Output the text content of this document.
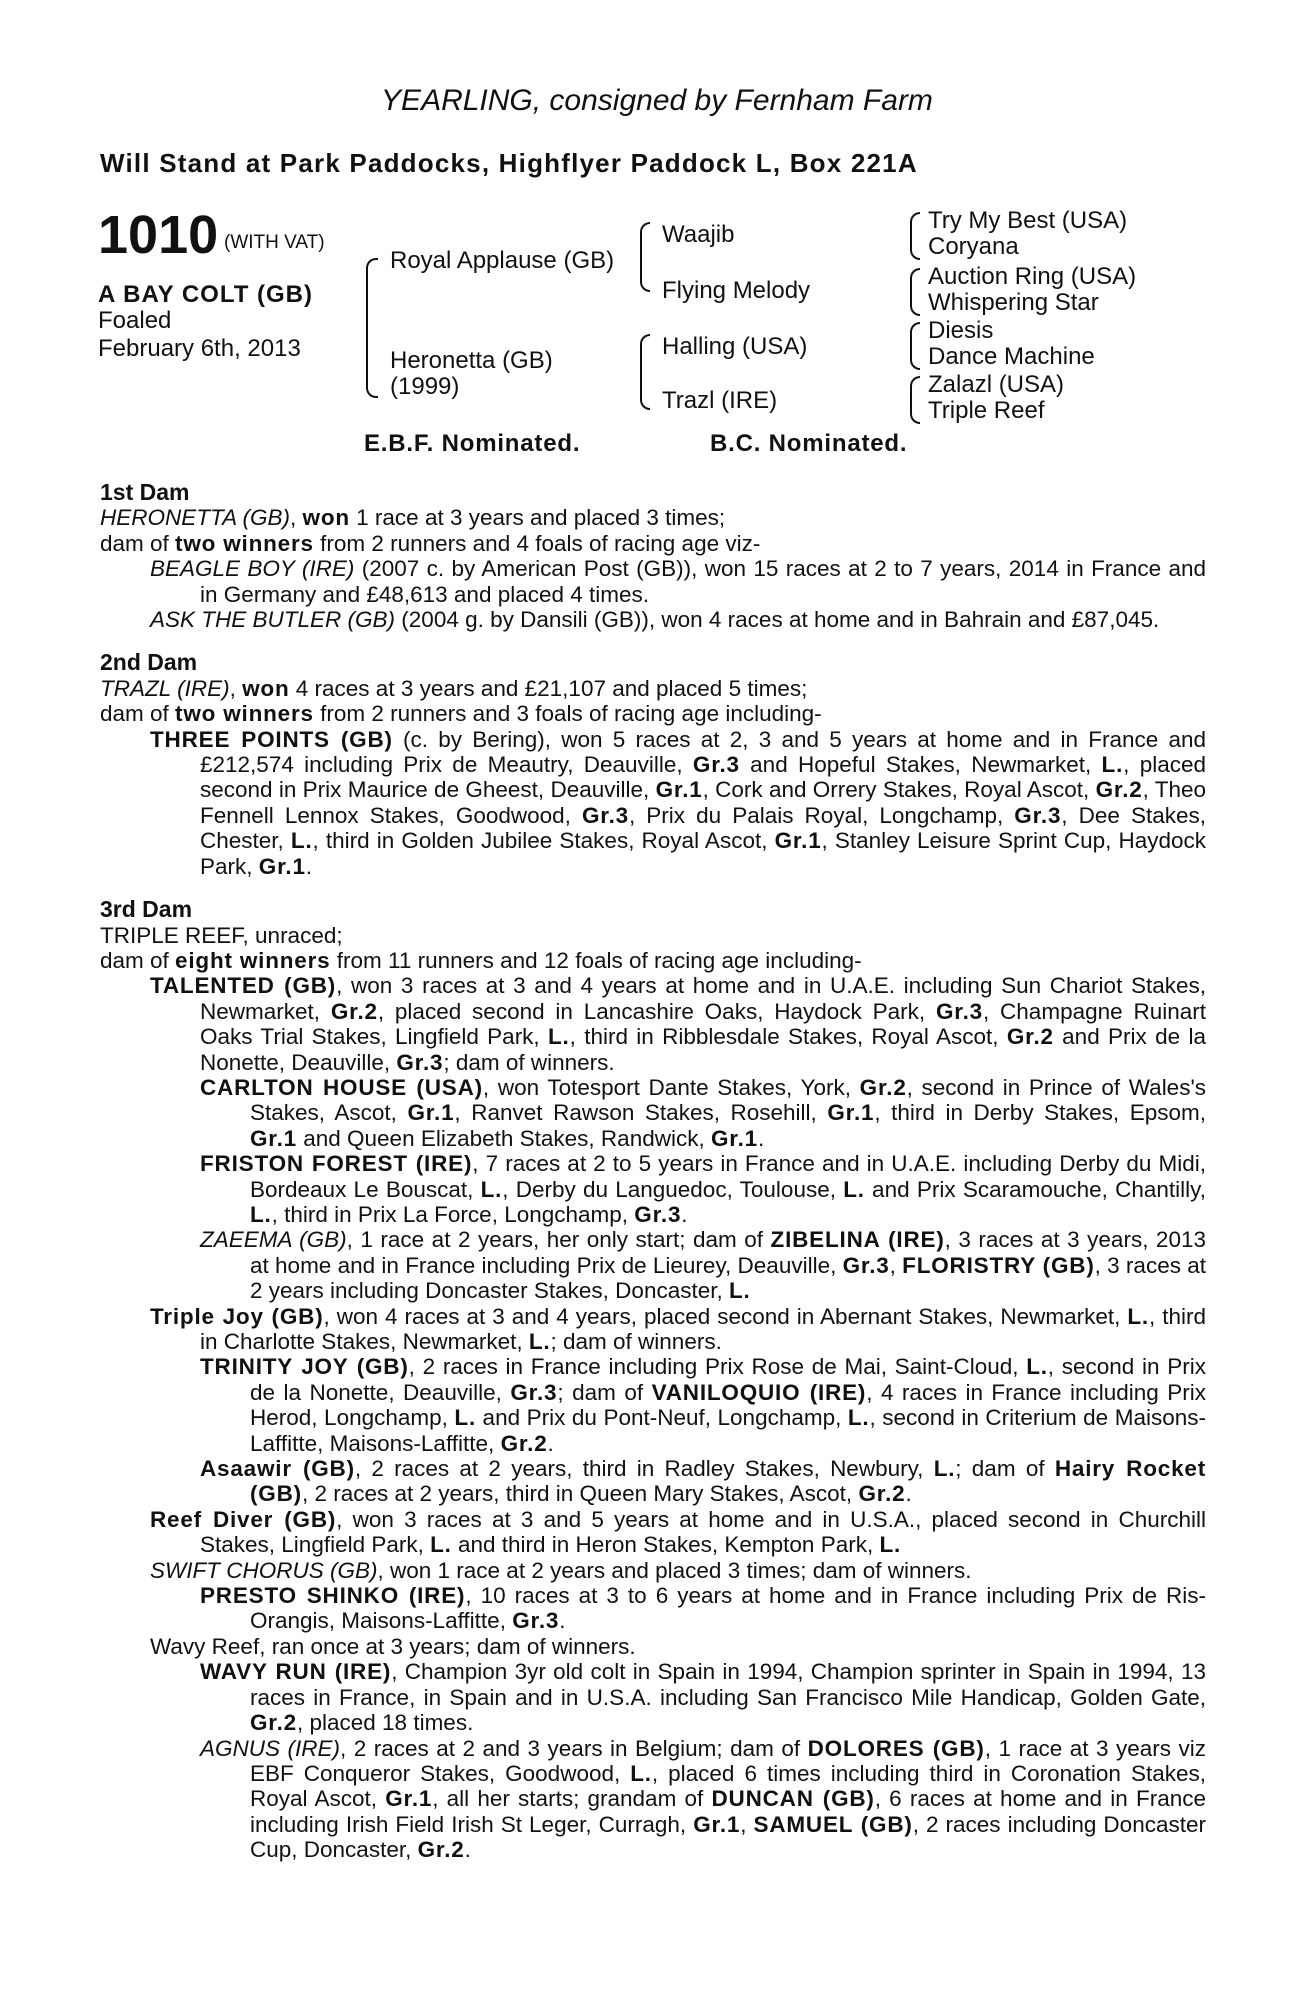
YEARLING, consigned by Fernham Farm
Will Stand at Park Paddocks, Highflyer Paddock L, Box 221A
1010 (WITH VAT)
A BAY COLT (GB)
Foaled
February 6th, 2013
Royal Applause (GB)
Heronetta (GB)
(1999)
Waajib
Flying Melody
Halling (USA)
Trazl (IRE)
Try My Best (USA)
Coryana
Auction Ring (USA)
Whispering Star
Diesis
Dance Machine
Zalazl (USA)
Triple Reef
E.B.F. Nominated.	B.C. Nominated.

1st Dam

HERONETTA (GB), won 1 race at 3 years and placed 3 times;

dam of two winners from 2 runners and 4 foals of racing age viz-

BEAGLE BOY (IRE) (2007 c. by American Post (GB)), won 15 races at 2 to 7 years, 2014 in France and in Germany and £48,613 and placed 4 times.

ASK THE BUTLER (GB) (2004 g. by Dansili (GB)), won 4 races at home and in Bahrain and £87,045.

2nd Dam

TRAZL (IRE), won 4 races at 3 years and £21,107 and placed 5 times;

dam of two winners from 2 runners and 3 foals of racing age including-

THREE POINTS (GB) (c. by Bering), won 5 races at 2, 3 and 5 years at home and in France and £212,574 including Prix de Meautry, Deauville, Gr.3 and Hopeful Stakes, Newmarket, L., placed second in Prix Maurice de Gheest, Deauville, Gr.1, Cork and Orrery Stakes, Royal Ascot, Gr.2, Theo Fennell Lennox Stakes, Goodwood, Gr.3, Prix du Palais Royal, Longchamp, Gr.3, Dee Stakes, Chester, L., third in Golden Jubilee Stakes, Royal Ascot, Gr.1, Stanley Leisure Sprint Cup, Haydock Park, Gr.1.

3rd Dam

TRIPLE REEF, unraced;

dam of eight winners from 11 runners and 12 foals of racing age including-

TALENTED (GB), won 3 races at 3 and 4 years at home and in U.A.E. including Sun Chariot Stakes, Newmarket, Gr.2, placed second in Lancashire Oaks, Haydock Park, Gr.3, Champagne Ruinart Oaks Trial Stakes, Lingfield Park, L., third in Ribblesdale Stakes, Royal Ascot, Gr.2 and Prix de la Nonette, Deauville, Gr.3; dam of winners.

CARLTON HOUSE (USA), won Totesport Dante Stakes, York, Gr.2, second in Prince of Wales's Stakes, Ascot, Gr.1, Ranvet Rawson Stakes, Rosehill, Gr.1, third in Derby Stakes, Epsom, Gr.1 and Queen Elizabeth Stakes, Randwick, Gr.1.

FRISTON FOREST (IRE), 7 races at 2 to 5 years in France and in U.A.E. including Derby du Midi, Bordeaux Le Bouscat, L., Derby du Languedoc, Toulouse, L. and Prix Scaramouche, Chantilly, L., third in Prix La Force, Longchamp, Gr.3.

ZAEEMA (GB), 1 race at 2 years, her only start; dam of ZIBELINA (IRE), 3 races at 3 years, 2013 at home and in France including Prix de Lieurey, Deauville, Gr.3, FLORISTRY (GB), 3 races at 2 years including Doncaster Stakes, Doncaster, L.

Triple Joy (GB), won 4 races at 3 and 4 years, placed second in Abernant Stakes, Newmarket, L., third in Charlotte Stakes, Newmarket, L.; dam of winners.

TRINITY JOY (GB), 2 races in France including Prix Rose de Mai, Saint-Cloud, L., second in Prix de la Nonette, Deauville, Gr.3; dam of VANILOQUIO (IRE), 4 races in France including Prix Herod, Longchamp, L. and Prix du Pont-Neuf, Longchamp, L., second in Criterium de Maisons-Laffitte, Maisons-Laffitte, Gr.2.

Asaawir (GB), 2 races at 2 years, third in Radley Stakes, Newbury, L.; dam of Hairy Rocket (GB), 2 races at 2 years, third in Queen Mary Stakes, Ascot, Gr.2.

Reef Diver (GB), won 3 races at 3 and 5 years at home and in U.S.A., placed second in Churchill Stakes, Lingfield Park, L. and third in Heron Stakes, Kempton Park, L.

SWIFT CHORUS (GB), won 1 race at 2 years and placed 3 times; dam of winners.

PRESTO SHINKO (IRE), 10 races at 3 to 6 years at home and in France including Prix de Ris-Orangis, Maisons-Laffitte, Gr.3.

Wavy Reef, ran once at 3 years; dam of winners.

WAVY RUN (IRE), Champion 3yr old colt in Spain in 1994, Champion sprinter in Spain in 1994, 13 races in France, in Spain and in U.S.A. including San Francisco Mile Handicap, Golden Gate, Gr.2, placed 18 times.

AGNUS (IRE), 2 races at 2 and 3 years in Belgium; dam of DOLORES (GB), 1 race at 3 years viz EBF Conqueror Stakes, Goodwood, L., placed 6 times including third in Coronation Stakes, Royal Ascot, Gr.1, all her starts; grandam of DUNCAN (GB), 6 races at home and in France including Irish Field Irish St Leger, Curragh, Gr.1, SAMUEL (GB), 2 races including Doncaster Cup, Doncaster, Gr.2.
